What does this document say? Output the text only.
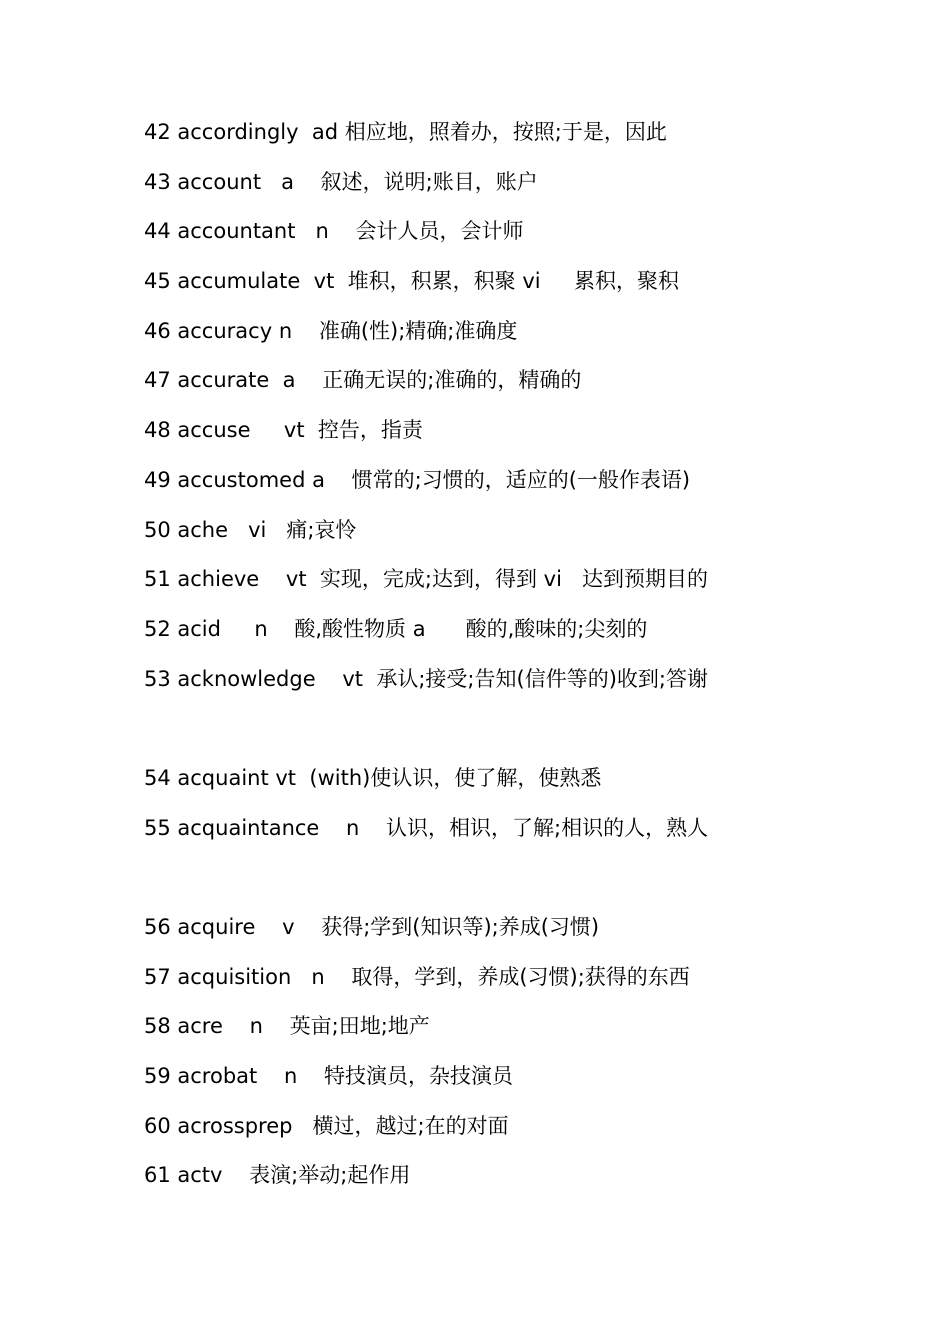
42 accordingly  ad 相应地，照着办，按照;于是，因此
43 account   a    叙述，说明;账目，账户
44 accountant   n    会计人员，会计师
45 accumulate  vt  堆积，积累，积聚 vi     累积，聚积
46 accuracy n    准确(性);精确;准确度
47 accurate  a    正确无误的;准确的，精确的
48 accuse     vt  控告，指责
49 accustomed a    惯常的;习惯的，适应的(一般作表语)
50 ache   vi   痛;哀怜
51 achieve    vt  实现，完成;达到，得到 vi   达到预期目的
52 acid     n    酸,酸性物质 a      酸的,酸味的;尖刻的
53 acknowledge    vt  承认;接受;告知(信件等的)收到;答谢
54 acquaint vt  (with)使认识，使了解，使熟悉
55 acquaintance    n    认识，相识，了解;相识的人，熟人
56 acquire    v    获得;学到(知识等);养成(习惯)
57 acquisition   n    取得，学到，养成(习惯);获得的东西
58 acre    n    英亩;田地;地产
59 acrobat    n    特技演员，杂技演员
60 acrossprep   横过，越过;在的对面
61 actv    表演;举动;起作用
